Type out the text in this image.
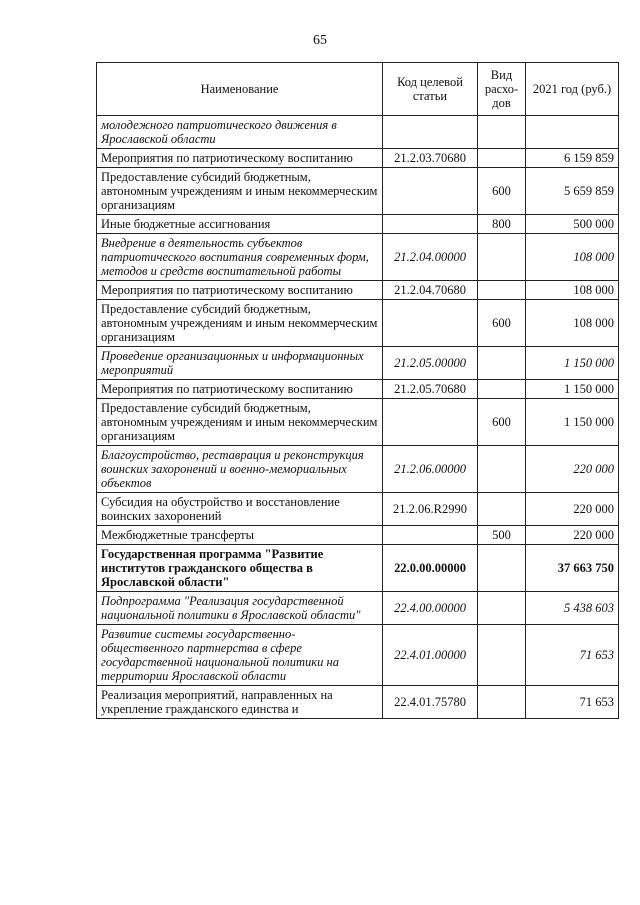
65
Наименование	Код целевой статьи	Вид расхо-дов	2021 год (руб.)
молодежного патриотического движения в Ярославской области			
Мероприятия по патриотическому воспитанию	21.2.03.70680		6 159 859
Предоставление субсидий бюджетным, автономным учреждениям и иным некоммерческим организациям		600	5 659 859
Иные бюджетные ассигнования		800	500 000
Внедрение в деятельность субъектов патриотического воспитания современных форм, методов и средств воспитательной работы	21.2.04.00000		108 000
Мероприятия по патриотическому воспитанию	21.2.04.70680		108 000
Предоставление субсидий бюджетным, автономным учреждениям и иным некоммерческим организациям		600	108 000
Проведение организационных и информационных мероприятий	21.2.05.00000		1 150 000
Мероприятия по патриотическому воспитанию	21.2.05.70680		1 150 000
Предоставление субсидий бюджетным, автономным учреждениям и иным некоммерческим организациям		600	1 150 000
Благоустройство, реставрация и реконструкция воинских захоронений и военно-мемориальных объектов	21.2.06.00000		220 000
Субсидия на обустройство и восстановление воинских захоронений	21.2.06.R2990		220 000
Межбюджетные трансферты		500	220 000
Государственная программа "Развитие институтов гражданского общества в Ярославской области"	22.0.00.00000		37 663 750
Подпрограмма "Реализация государственной национальной политики в Ярославской области"	22.4.00.00000		5 438 603
Развитие системы государственно-общественного партнерства в сфере государственной национальной политики на территории Ярославской области	22.4.01.00000		71 653
Реализация мероприятий, направленных на укрепление гражданского единства и	22.4.01.75780		71 653
